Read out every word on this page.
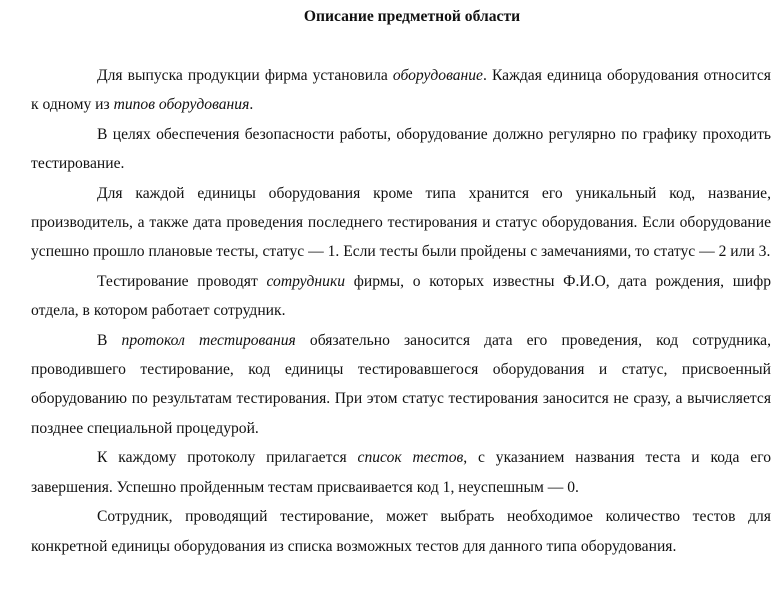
Описание предметной области

Для выпуска продукции фирма установила оборудование. Каждая единица оборудования относится к одному из типов оборудования.

В целях обеспечения безопасности работы, оборудование должно регулярно по графику проходить тестирование.

Для каждой единицы оборудования кроме типа хранится его уникальный код, название, производитель, а также дата проведения последнего тестирования и статус оборудования. Если оборудование успешно прошло плановые тесты, статус — 1. Если тесты были пройдены с замечаниями, то статус — 2 или 3.

Тестирование проводят сотрудники фирмы, о которых известны Ф.И.О, дата рождения, шифр отдела, в котором работает сотрудник.

В протокол тестирования обязательно заносится дата его проведения, код сотрудника, проводившего тестирование, код единицы тестировавшегося оборудования и статус, присвоенный оборудованию по результатам тестирования. При этом статус тестирования заносится не сразу, а вычисляется позднее специальной процедурой.

К каждому протоколу прилагается список тестов, с указанием названия теста и кода его завершения. Успешно пройденным тестам присваивается код 1, неуспешным — 0.

Сотрудник, проводящий тестирование, может выбрать необходимое количество тестов для конкретной единицы оборудования из списка возможных тестов для данного типа оборудования.
